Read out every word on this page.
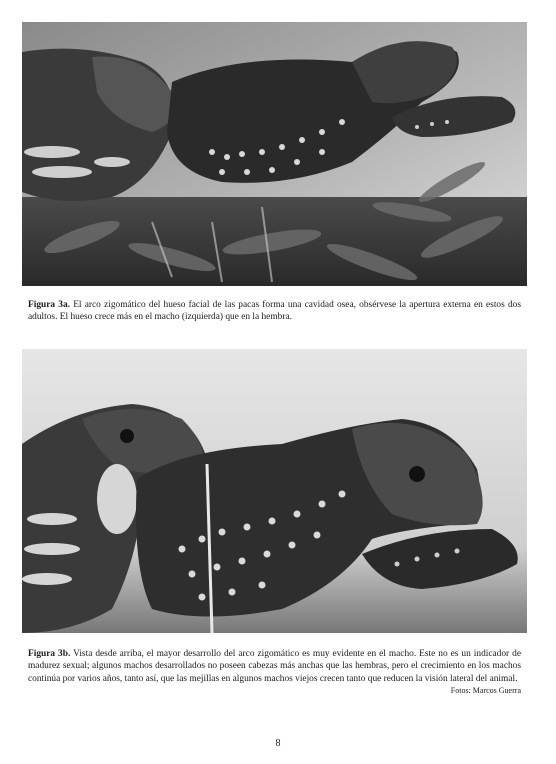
Figura 3a. El arco zigomático del hueso facial de las pacas forma una cavidad osea, obsérvese la apertura externa en estos dos adultos. El hueso crece más en el macho (izquierda) que en la hembra.
Figura 3b. Vista desde arriba, el mayor desarrollo del arco zigomático es muy evidente en el macho. Este no es un indicador de madurez sexual; algunos machos desarrollados no poseen cabezas más anchas que las hembras, pero el crecimiento en los machos continúa por varios años, tanto así, que las mejillas en algunos machos viejos crecen tanto que reducen la visión lateral del animal.
Fotos: Marcos Guerra
8
